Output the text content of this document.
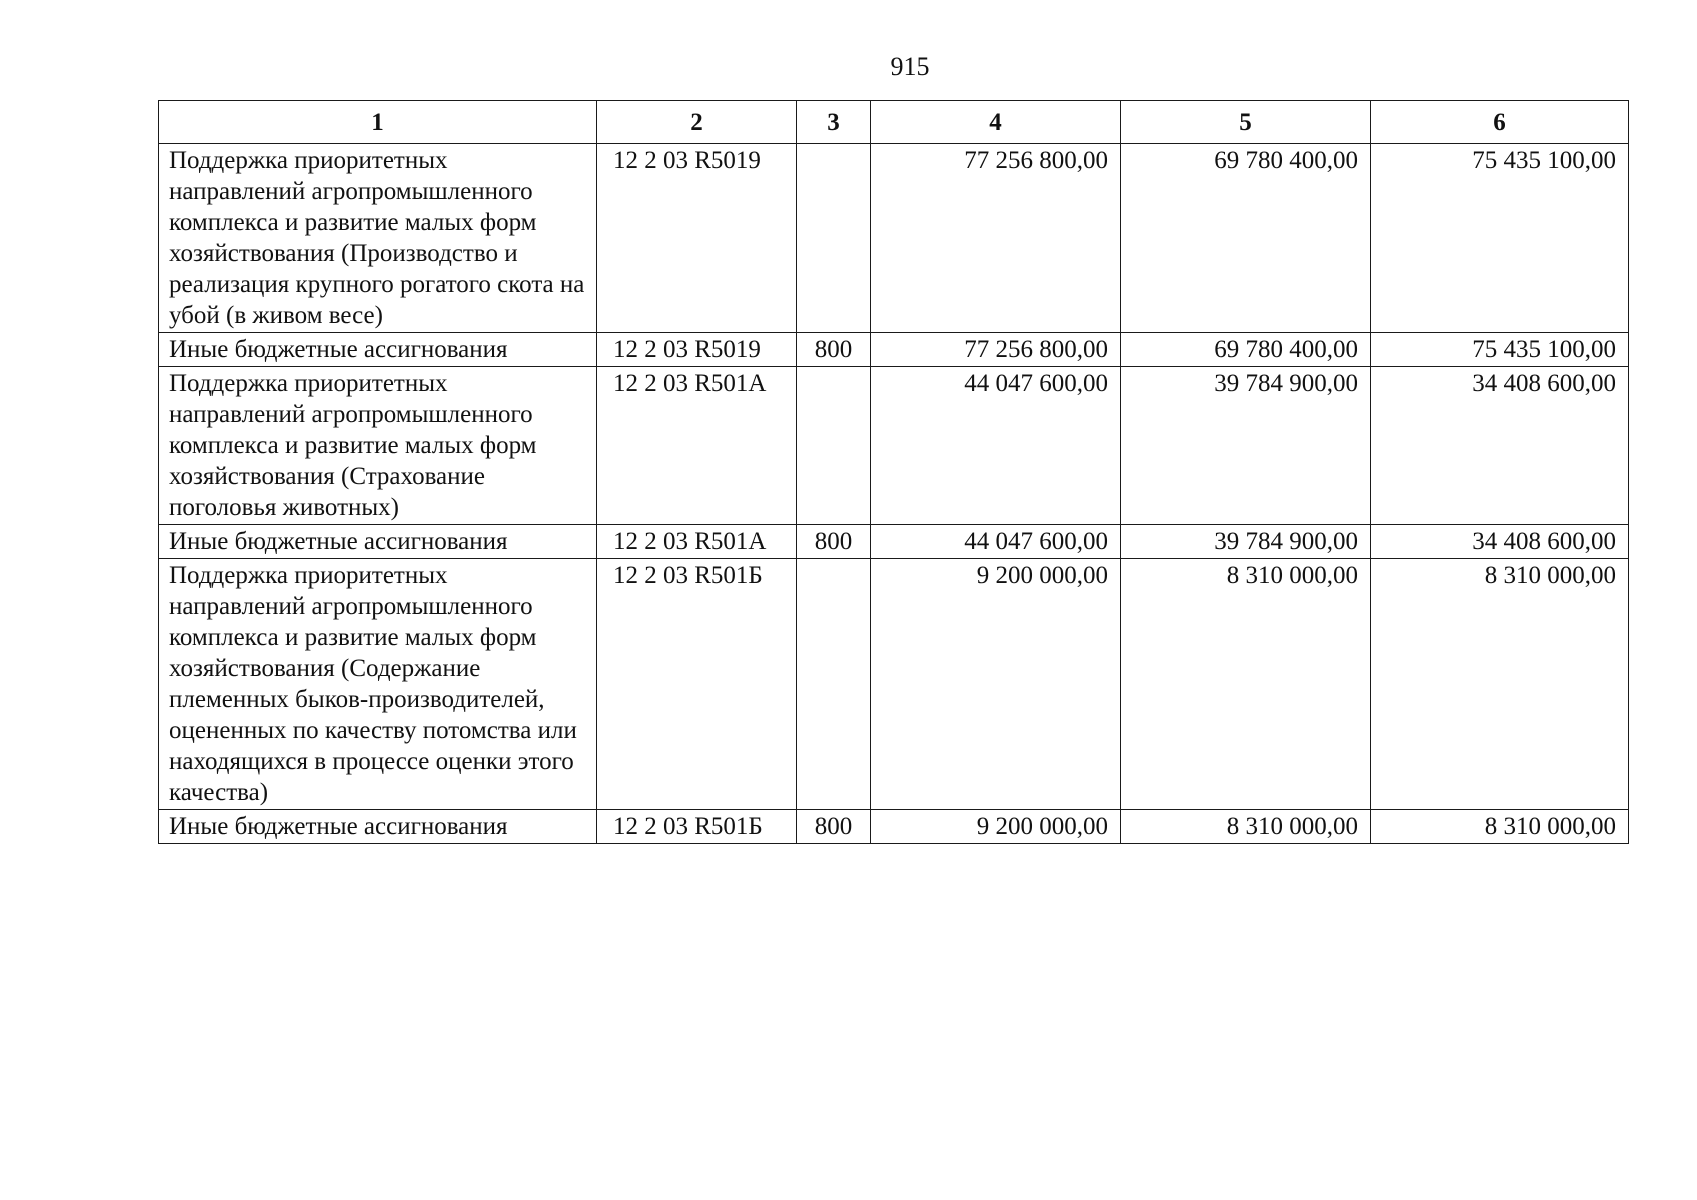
915
1	2	3	4	5	6
Поддержка приоритетных направлений агропромышленного комплекса и развитие малых форм хозяйствования (Производство и реализация крупного рогатого скота на убой (в живом весе)	12 2 03 R5019		77 256 800,00	69 780 400,00	75 435 100,00
Иные бюджетные ассигнования	12 2 03 R5019	800	77 256 800,00	69 780 400,00	75 435 100,00
Поддержка приоритетных направлений агропромышленного комплекса и развитие малых форм хозяйствования (Страхование поголовья животных)	12 2 03 R501А		44 047 600,00	39 784 900,00	34 408 600,00
Иные бюджетные ассигнования	12 2 03 R501А	800	44 047 600,00	39 784 900,00	34 408 600,00
Поддержка приоритетных направлений агропромышленного комплекса и развитие малых форм хозяйствования (Содержание племенных быков-производителей, оцененных по качеству потомства или находящихся в процессе оценки этого качества)	12 2 03 R501Б		9 200 000,00	8 310 000,00	8 310 000,00
Иные бюджетные ассигнования	12 2 03 R501Б	800	9 200 000,00	8 310 000,00	8 310 000,00
